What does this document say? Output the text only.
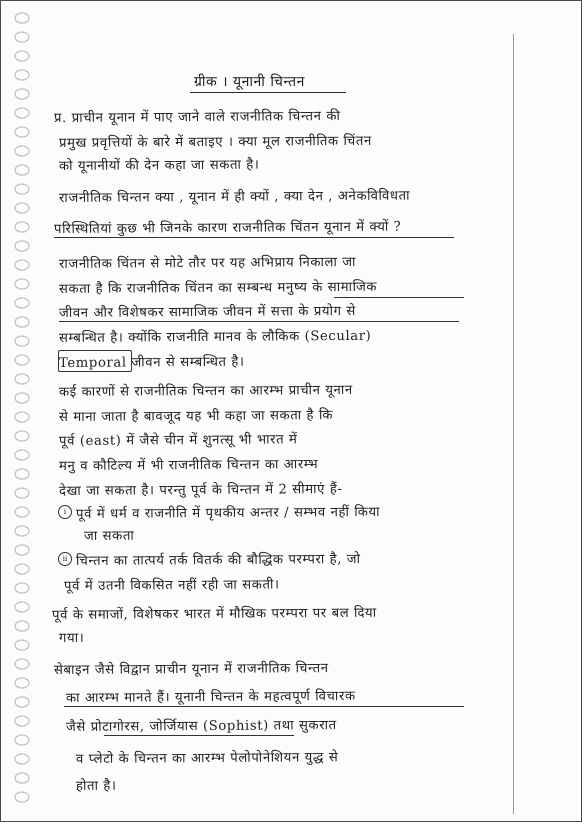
ग्रीक । यूनानी चिन्तन
प्र. प्राचीन यूनान में पाए जाने वाले राजनीतिक चिन्तन की
प्रमुख प्रवृत्तियों के बारे में बताइए । क्या मूल राजनीतिक चिंतन
को यूनानीयों की देन कहा जा सकता है।
राजनीतिक चिन्तन क्या , यूनान में ही क्यों , क्या देन , अनेकविविधता
परिस्थितियां कुछ भी जिनके कारण राजनीतिक चिंतन यूनान में क्यों ?
राजनीतिक चिंतन से मोटे तौर पर यह अभिप्राय निकाला जा
सकता है कि राजनीतिक चिंतन का सम्बन्ध मनुष्य के सामाजिक
जीवन और विशेषकर सामाजिक जीवन में सत्ता के प्रयोग से
सम्बन्धित है। क्योंकि राजनीति मानव के लौकिक (Secular)
Temporal जीवन से सम्बन्धित है।
कई कारणों से राजनीतिक चिन्तन का आरम्भ प्राचीन यूनान
से माना जाता है बावजूद यह भी कहा जा सकता है कि
पूर्व (east) में जैसे चीन में शुनत्सू भी भारत में
मनु व कौटिल्य में भी राजनीतिक चिन्तन का आरम्भ
देखा जा सकता है। परन्तु पूर्व के चिन्तन में 2 सीमाएं हैं-
i पूर्व में धर्म व राजनीति में पृथकीय अन्तर / सम्भव नहीं किया
जा सकता
ii चिन्तन का तात्पर्य तर्क वितर्क की बौद्धिक परम्परा है, जो
पूर्व में उतनी विकसित नहीं रही जा सकती।
पूर्व के समाजों, विशेषकर भारत में मौखिक परम्परा पर बल दिया
गया।
सेबाइन जैसे विद्वान प्राचीन यूनान में राजनीतिक चिन्तन
का आरम्भ मानते हैं। यूनानी चिन्तन के महत्वपूर्ण विचारक
जैसे प्रोटागोरस, जोर्जियास (Sophist) तथा सुकरात
व प्लेटो के चिन्तन का आरम्भ पेलोपोनेशियन युद्ध से
होता है।
